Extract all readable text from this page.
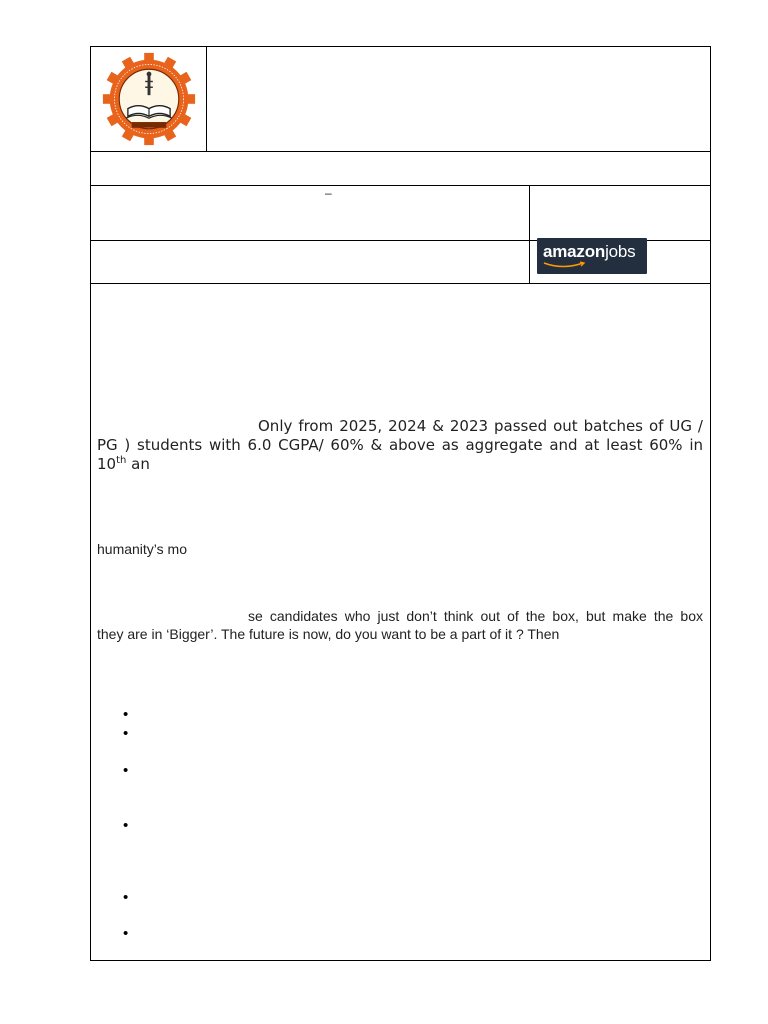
–
amazonjobs
Only from 2025, 2024 & 2023 passed out batches of UG /
PG ) students with 6.0 CGPA/ 60% & above as aggregate and at least 60% in
10th an
humanity’s mo
se candidates who just don’t think out of the box, but make the box
they are in ‘Bigger’. The future is now, do you want to be a part of it ? Then
•
•
•
•
•
•
